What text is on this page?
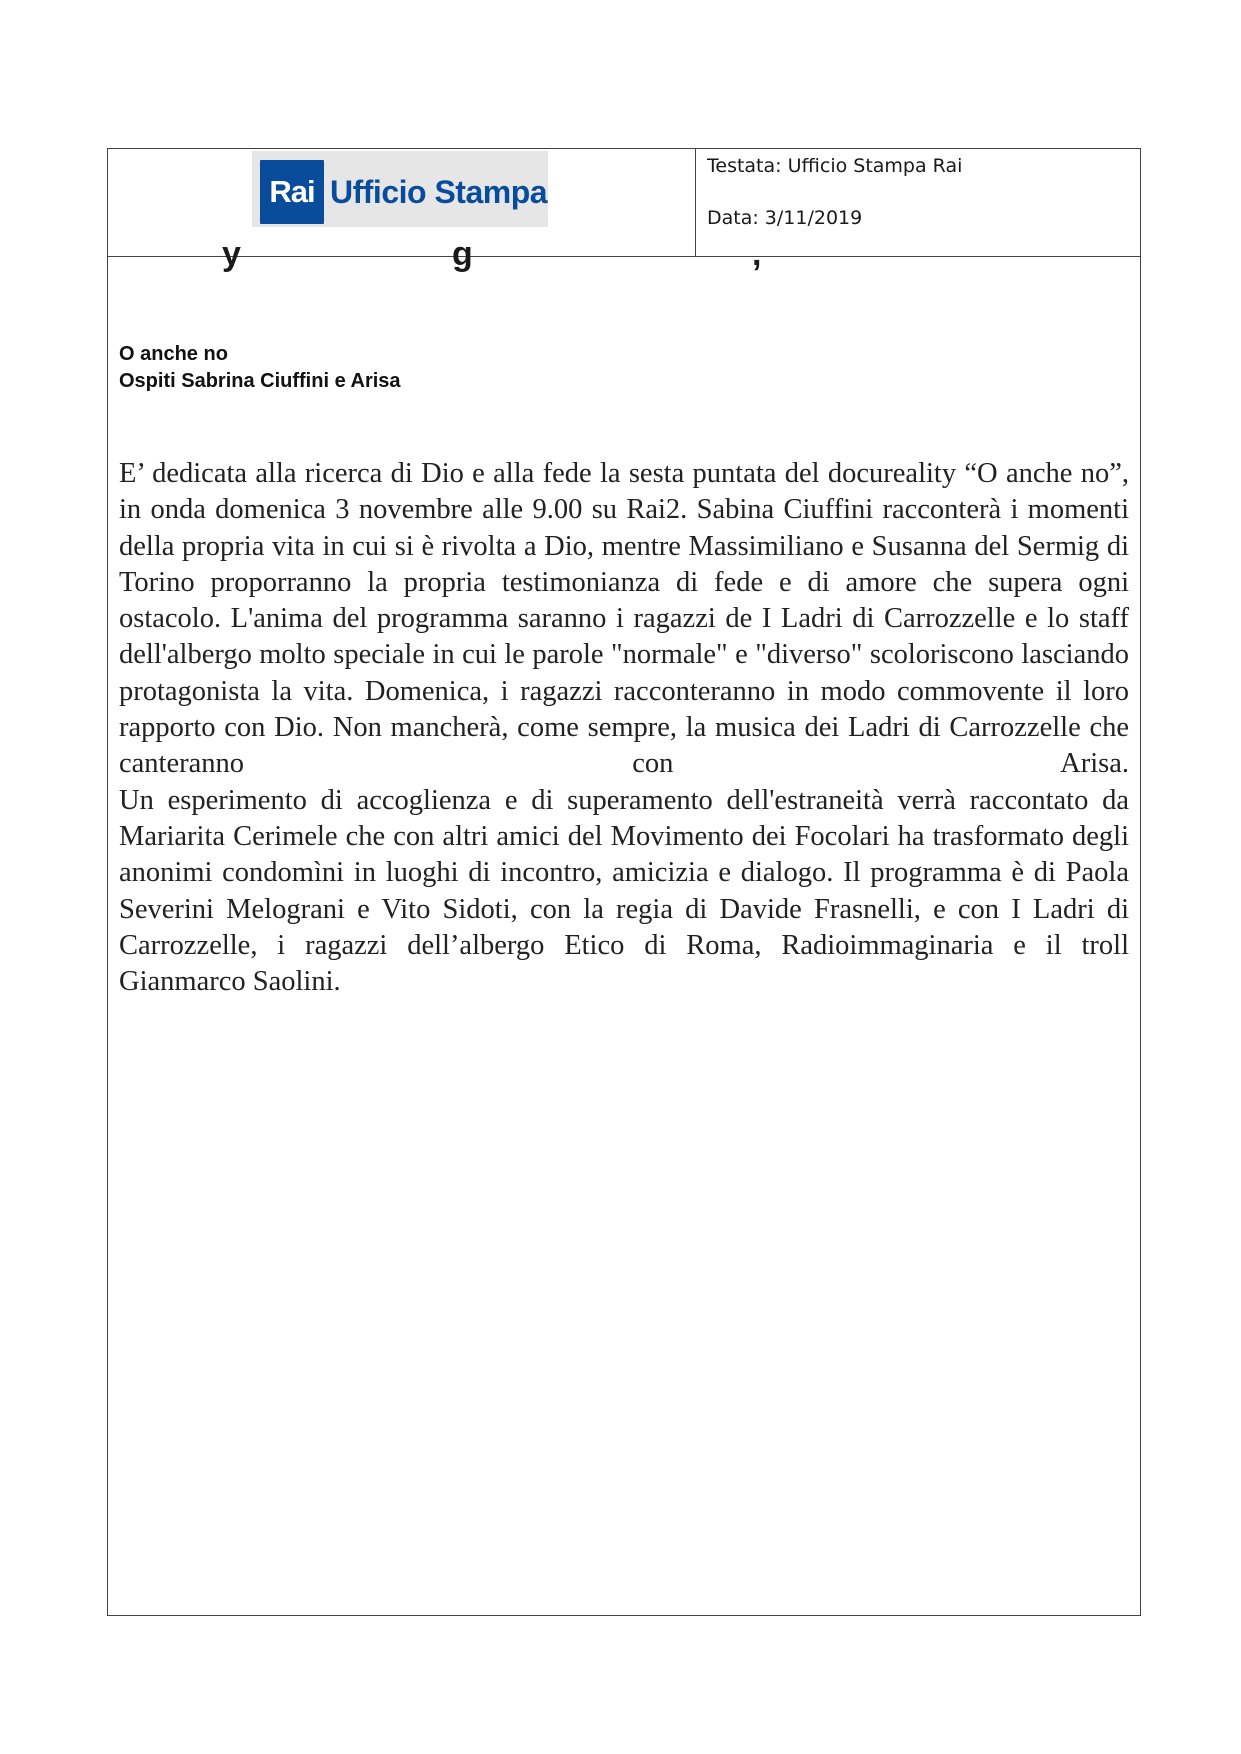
Rai Ufficio Stampa
Testata: Ufficio Stampa Rai
Data: 3/11/2019
y	g	,
O anche no
Ospiti Sabrina Ciuffini e Arisa

E’ dedicata alla ricerca di Dio e alla fede la sesta puntata del docureality “O anche no”, in onda domenica 3 novembre alle 9.00 su Rai2. Sabina Ciuffini racconterà i momenti della propria vita in cui si è rivolta a Dio, mentre Massimiliano e Susanna del Sermig di Torino proporranno la propria testimonianza di fede e di amore che supera ogni ostacolo. L'anima del programma saranno i ragazzi de I Ladri di Carrozzelle e lo staff dell'albergo molto speciale in cui le parole "normale" e "diverso" scoloriscono lasciando protagonista la vita. Domenica, i ragazzi racconteranno in modo commovente il loro rapporto con Dio. Non mancherà, come sempre, la musica dei Ladri di Carrozzelle che canteranno con Arisa.

Un esperimento di accoglienza e di superamento dell'estraneità verrà raccontato da Mariarita Cerimele che con altri amici del Movimento dei Focolari ha trasformato degli anonimi condomìni in luoghi di incontro, amicizia e dialogo. Il programma è di Paola Severini Melograni e Vito Sidoti, con la regia di Davide Frasnelli, e con I Ladri di Carrozzelle, i ragazzi dell’albergo Etico di Roma, Radioimmaginaria e il troll Gianmarco Saolini.
